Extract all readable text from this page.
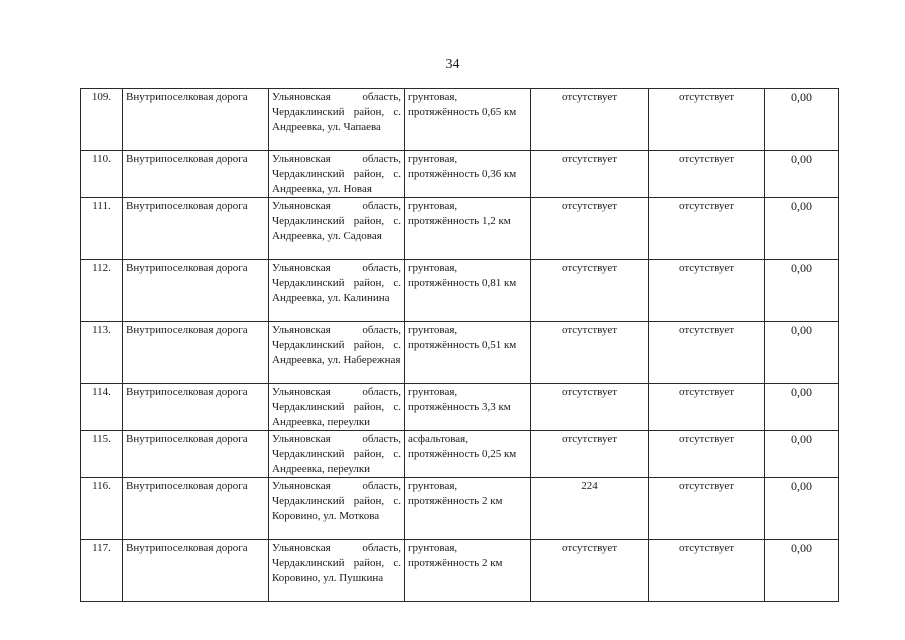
34
109.	Внутрипоселковая дорога	Ульяновская область, Чердаклинский район, с. Андреевка, ул. Чапаева	грунтовая, протяжённость 0,65 км	отсутствует	отсутствует	0,00
110.	Внутрипоселковая дорога	Ульяновская область, Чердаклинский район, с. Андреевка, ул. Новая	грунтовая, протяжённость 0,36 км	отсутствует	отсутствует	0,00
111.	Внутрипоселковая дорога	Ульяновская область, Чердаклинский район, с. Андреевка, ул. Садовая	грунтовая, протяжённость 1,2 км	отсутствует	отсутствует	0,00
112.	Внутрипоселковая дорога	Ульяновская область, Чердаклинский район, с. Андреевка, ул. Калинина	грунтовая, протяжённость 0,81 км	отсутствует	отсутствует	0,00
113.	Внутрипоселковая дорога	Ульяновская область, Чердаклинский район, с. Андреевка, ул. Набережная	грунтовая, протяжённость 0,51 км	отсутствует	отсутствует	0,00
114.	Внутрипоселковая дорога	Ульяновская область, Чердаклинский район, с. Андреевка, переулки	грунтовая, протяжённость 3,3 км	отсутствует	отсутствует	0,00
115.	Внутрипоселковая дорога	Ульяновская область, Чердаклинский район, с. Андреевка, переулки	асфальтовая, протяжённость 0,25 км	отсутствует	отсутствует	0,00
116.	Внутрипоселковая дорога	Ульяновская область, Чердаклинский район, с. Коровино, ул. Моткова	грунтовая, протяжённость 2 км	224	отсутствует	0,00
117.	Внутрипоселковая дорога	Ульяновская область, Чердаклинский район, с. Коровино, ул. Пушкина	грунтовая, протяжённость 2 км	отсутствует	отсутствует	0,00
